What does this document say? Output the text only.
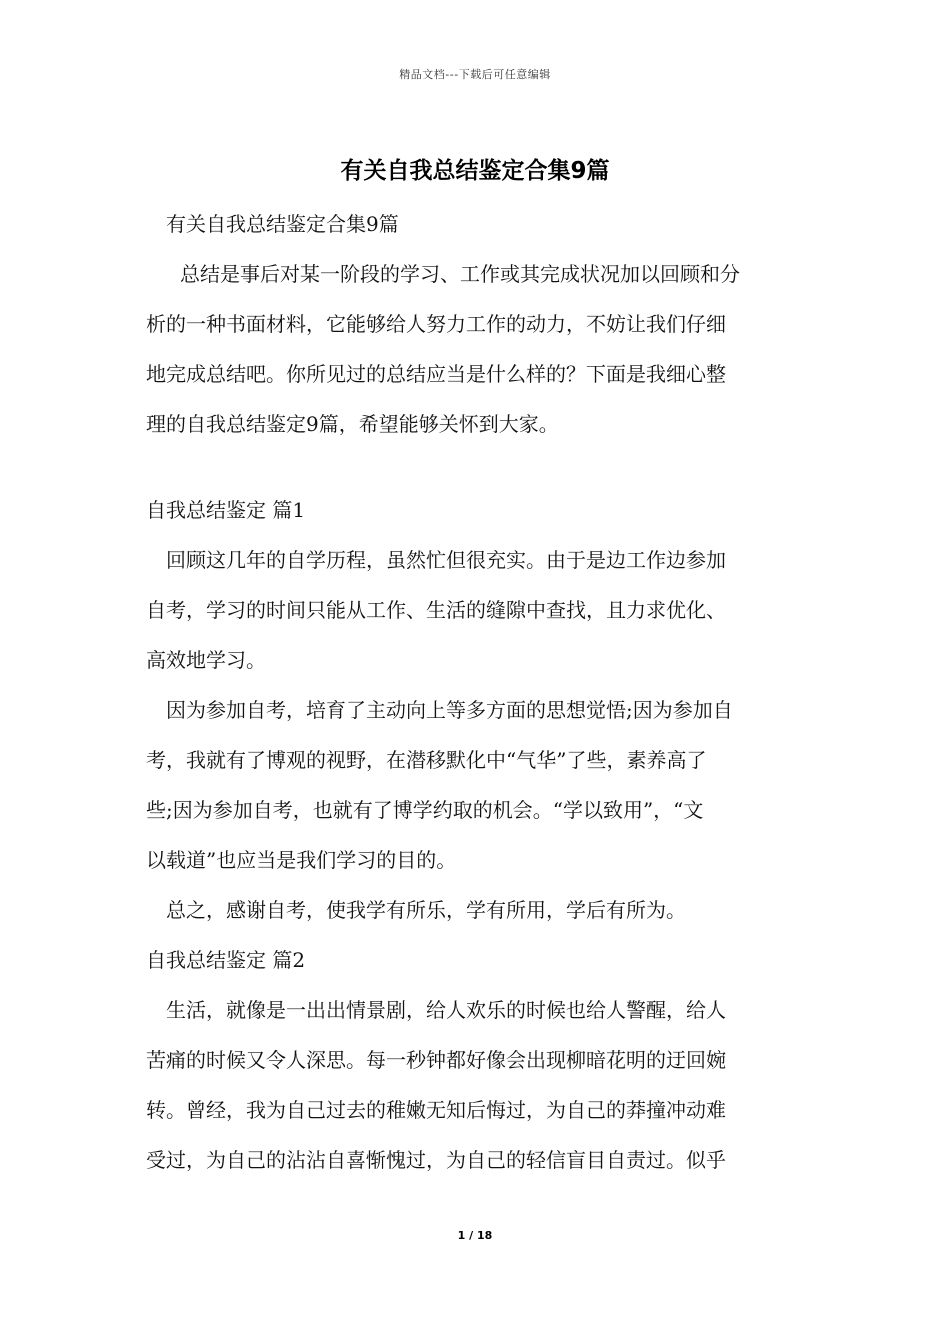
精品文档---下载后可任意编辑
有关自我总结鉴定合集9篇
有关自我总结鉴定合集9篇
总结是事后对某一阶段的学习、工作或其完成状况加以回顾和分
析的一种书面材料，它能够给人努力工作的动力，不妨让我们仔细
地完成总结吧。你所见过的总结应当是什么样的？下面是我细心整
理的自我总结鉴定9篇，希望能够关怀到大家。
自我总结鉴定 篇1
回顾这几年的自学历程，虽然忙但很充实。由于是边工作边参加
自考，学习的时间只能从工作、生活的缝隙中查找，且力求优化、
高效地学习。
因为参加自考，培育了主动向上等多方面的思想觉悟;因为参加自
考，我就有了博观的视野，在潜移默化中“气华”了些，素养高了
些;因为参加自考，也就有了博学约取的机会。“学以致用”，“文
以载道”也应当是我们学习的目的。
总之，感谢自考，使我学有所乐，学有所用，学后有所为。
自我总结鉴定 篇2
生活，就像是一出出情景剧，给人欢乐的时候也给人警醒，给人
苦痛的时候又令人深思。每一秒钟都好像会出现柳暗花明的迂回婉
转。曾经，我为自己过去的稚嫩无知后悔过，为自己的莽撞冲动难
受过，为自己的沾沾自喜惭愧过，为自己的轻信盲目自责过。似乎
1 / 18
